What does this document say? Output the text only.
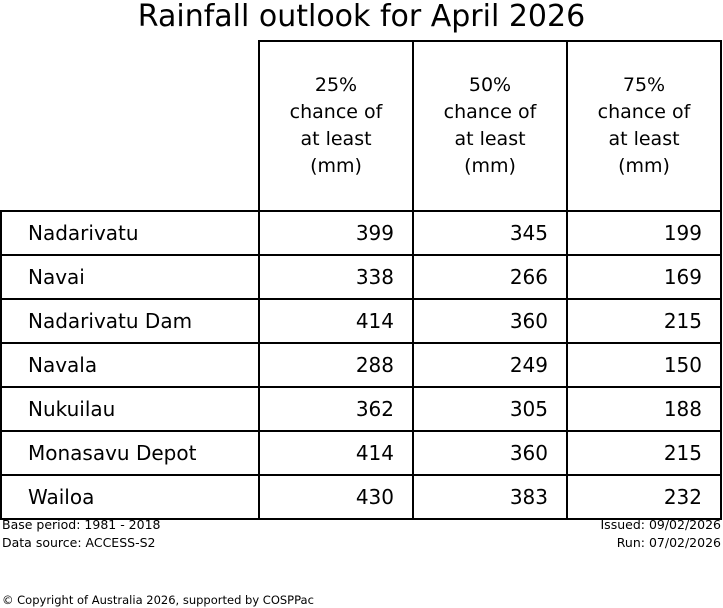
Rainfall outlook for April 2026

	25%
chance of
at least
(mm)	50%
chance of
at least
(mm)	75%
chance of
at least
(mm)

Nadarivatu	399	345	199
Navai	338	266	169
Nadarivatu Dam	414	360	215
Navala	288	249	150
Nukuilau	362	305	188
Monasavu Depot	414	360	215
Wailoa	430	383	232
Base period: 1981 - 2018	Issued: 09/02/2026
Data source: ACCESS-S2	Run: 07/02/2026
© Copyright of Australia 2026, supported by COSPPac
